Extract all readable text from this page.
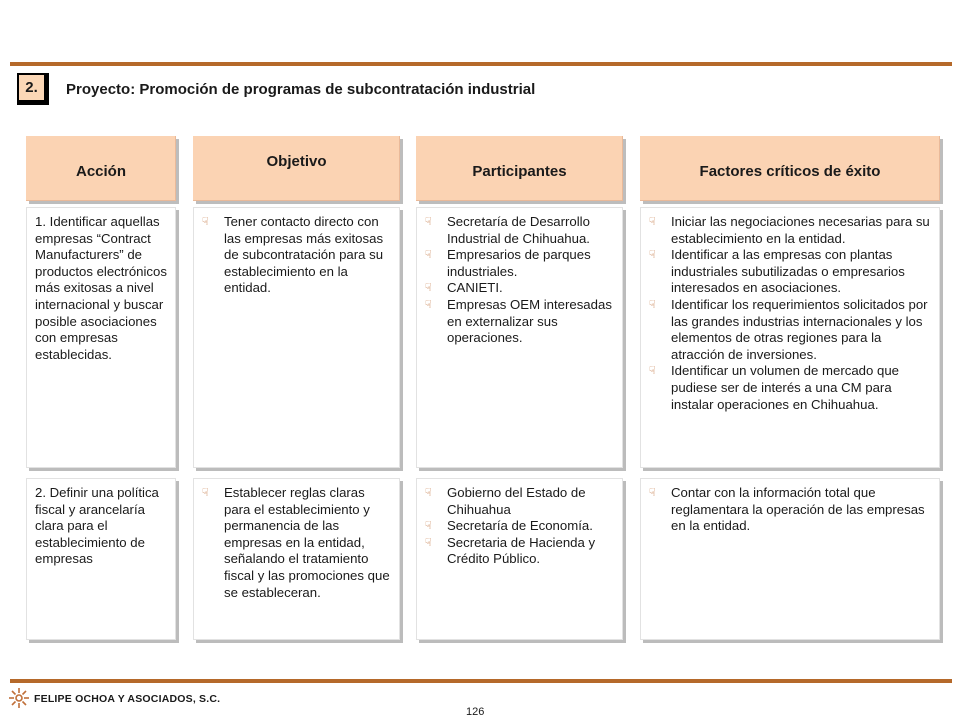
2.	Proyecto: Promoción de programas de subcontratación industrial
Acción
Objetivo
Participantes	Factores críticos de éxito
1. Identificar aquellas empresas “Contract Manufacturers” de productos electrónicos más exitosas a nivel internacional y buscar posible asociaciones con empresas establecidas.
☟ Tener contacto directo con las empresas más exitosas de subcontratación para su establecimiento en la entidad.
☟ Secretaría de Desarrollo Industrial de Chihuahua.
☟ Empresarios de parques industriales.
☟ CANIETI.
☟ Empresas OEM interesadas en externalizar sus operaciones.
☟ Iniciar las negociaciones necesarias para su establecimiento en la entidad.
☟ Identificar a las empresas con plantas industriales subutilizadas o empresarios interesados en asociaciones.
☟ Identificar los requerimientos solicitados por las grandes industrias internacionales y los elementos de otras regiones para la atracción de inversiones.
☟ Identificar un volumen de mercado que pudiese ser de interés a una CM para instalar operaciones en Chihuahua.
2. Definir una política fiscal y arancelaría clara para el establecimiento de empresas
☟ Establecer reglas claras para el establecimiento y permanencia de las empresas en la entidad, señalando el tratamiento fiscal y las promociones que se estableceran.
☟ Gobierno del Estado de Chihuahua
☟ Secretaría de Economía.
☟ Secretaria de Hacienda y Crédito Público.
☟ Contar con la información total que reglamentara la operación de las empresas en la entidad.
FELIPE OCHOA Y ASOCIADOS, S.C.
126
